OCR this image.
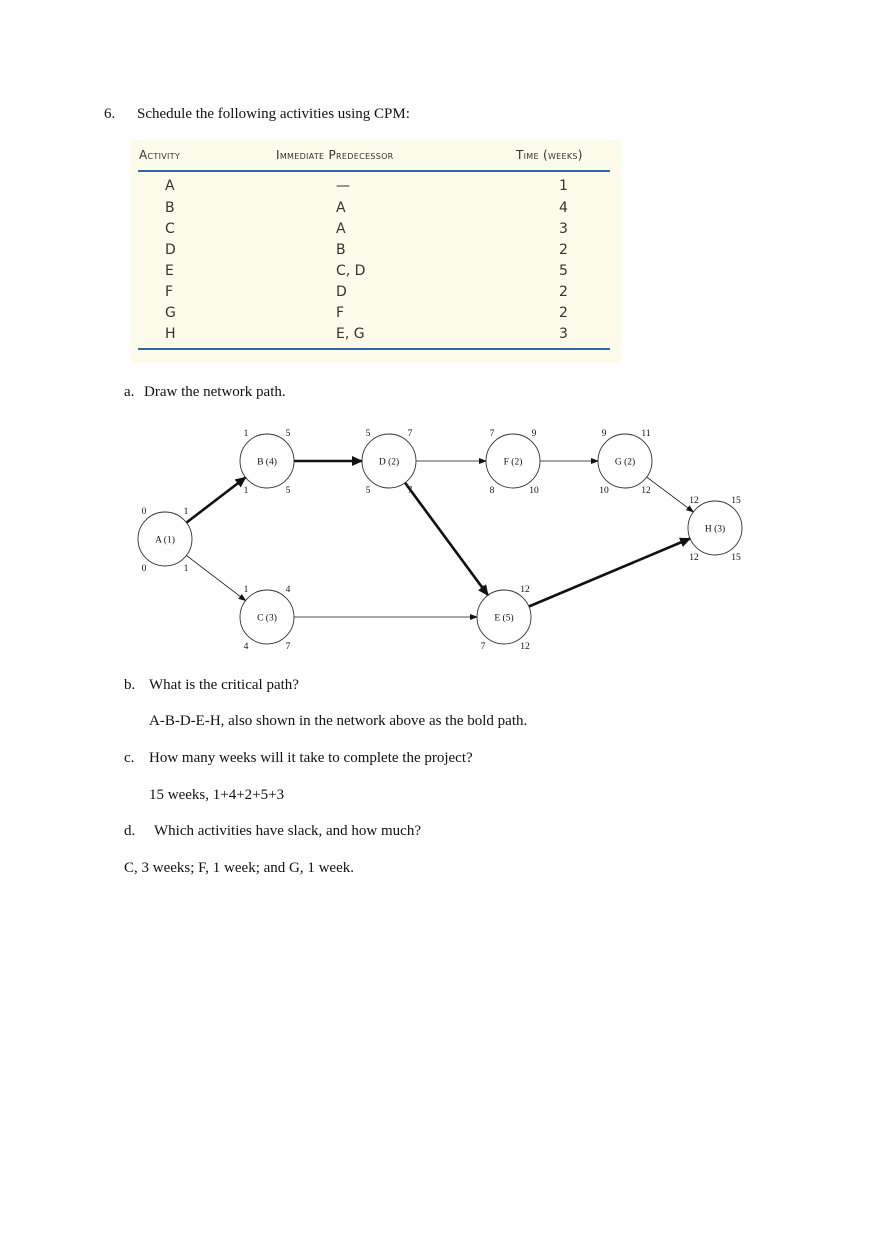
6. Schedule the following activities using CPM:
Activity	Immediate Predecessor	Time (weeks)
A	—	1
B	A	4
C	A	3
D	B	2
E	C, D	5
F	D	2
G	F	2
H	E, G	3
a. Draw the network path.
A (1)
0	1
0	1
B (4)
1	5
1	5
C (3)
1	4
4	7
D (2)
5	7
5	7
E (5)
7	12
7	12
F (2)
7	9
8	10
G (2)
9	11
10	12
H (3)
12	15
12	15
b. What is the critical path?
A-B-D-E-H, also shown in the network above as the bold path.
c. How many weeks will it take to complete the project?
15 weeks, 1+4+2+5+3
d. Which activities have slack, and how much?
C, 3 weeks; F, 1 week; and G, 1 week.
